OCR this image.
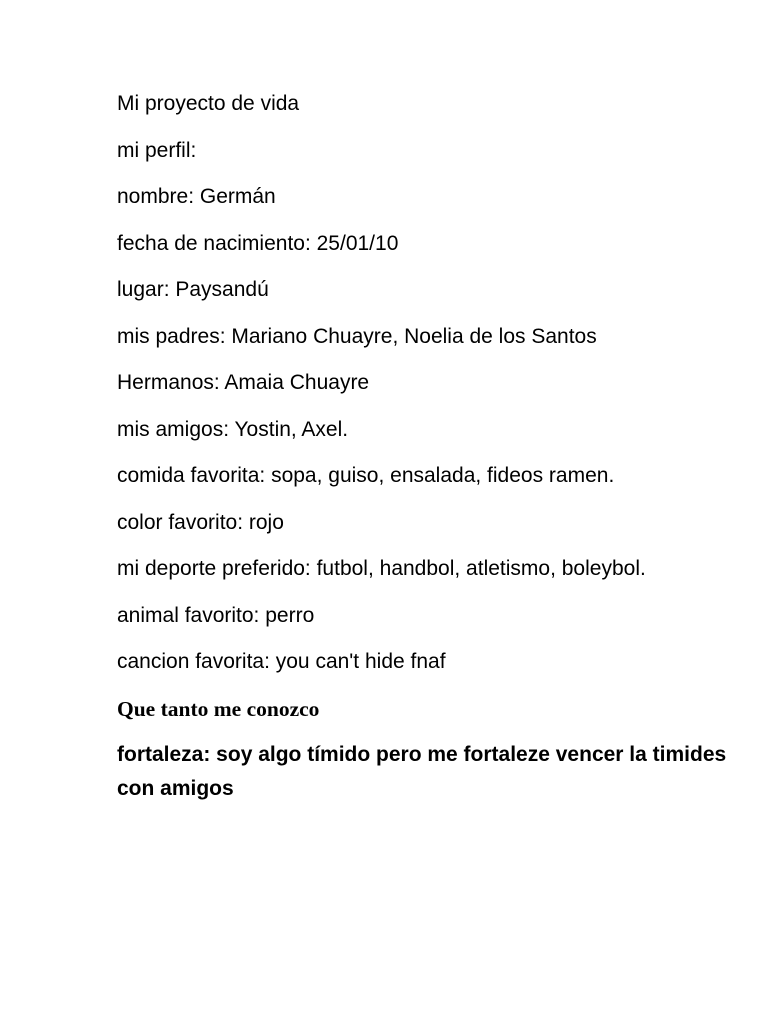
Mi proyecto de vida

mi perfil:

nombre: Germán

fecha de nacimiento: 25/01/10

lugar: Paysandú

mis padres: Mariano Chuayre, Noelia de los Santos

Hermanos: Amaia Chuayre

mis amigos: Yostin, Axel.

comida favorita: sopa, guiso, ensalada, fideos ramen.

color favorito: rojo

mi deporte preferido: futbol, handbol, atletismo, boleybol.

animal favorito: perro

cancion favorita: you can't hide fnaf

Que tanto me conozco

fortaleza: soy algo tímido pero me fortaleze vencer la timides con amigos
